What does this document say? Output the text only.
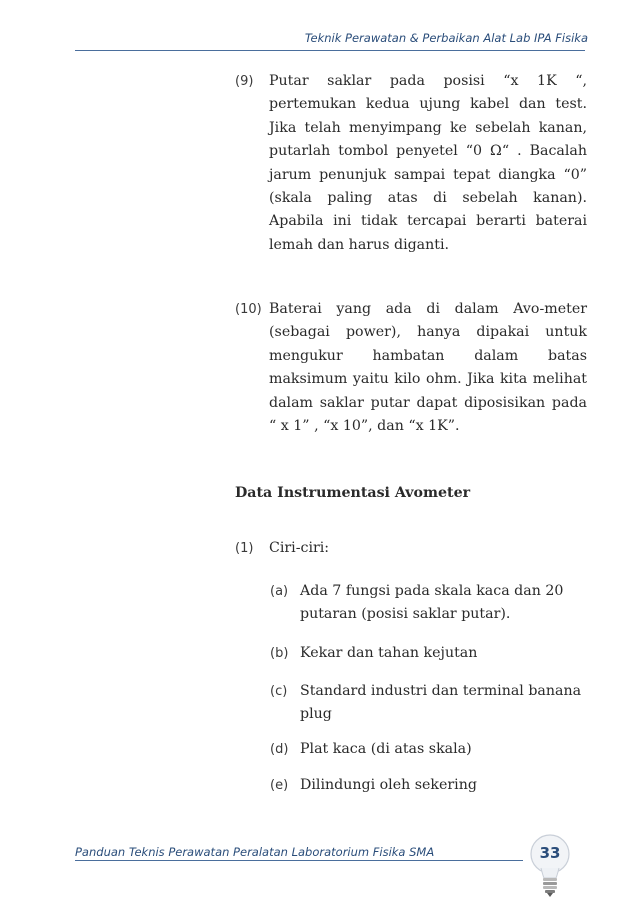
Teknik Perawatan & Perbaikan Alat Lab IPA Fisika
(9)	Putar saklar pada posisi “x 1K “, pertemukan kedua ujung kabel dan test. Jika telah menyimpang ke sebelah kanan, putarlah tombol penyetel “0 Ω“ . Bacalah jarum penunjuk sampai tepat diangka “0” (skala paling atas di sebelah kanan). Apabila ini tidak tercapai berarti baterai lemah dan harus diganti.
(10) Baterai yang ada di dalam Avo-meter (sebagai power), hanya dipakai untuk mengukur hambatan dalam batas maksimum yaitu kilo ohm. Jika kita melihat dalam saklar putar dapat diposisikan pada “ x 1” , “x 10”, dan “x 1K”.
Data Instrumentasi Avometer
(1)	Ciri-ciri:
(a) Ada 7 fungsi pada skala kaca dan 20 putaran (posisi saklar putar).
(b) Kekar dan tahan kejutan
(c) Standard industri dan terminal banana plug
(d) Plat kaca (di atas skala)
(e) Dilindungi oleh sekering
Panduan Teknis Perawatan Peralatan Laboratorium Fisika SMA	33
